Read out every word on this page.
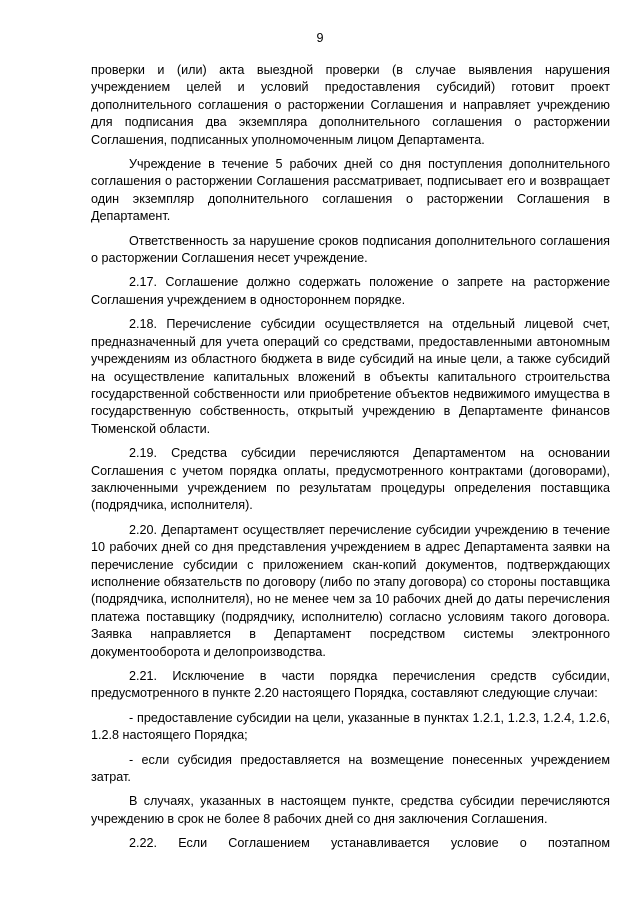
9

проверки и (или) акта выездной проверки (в случае выявления нарушения учреждением целей и условий предоставления субсидий) готовит проект дополнительного соглашения о расторжении Соглашения и направляет учреждению для подписания два экземпляра дополнительного соглашения о расторжении Соглашения, подписанных уполномоченным лицом Департамента.

Учреждение в течение 5 рабочих дней со дня поступления дополнительного соглашения о расторжении Соглашения рассматривает, подписывает его и возвращает один экземпляр дополнительного соглашения о расторжении Соглашения в Департамент.

Ответственность за нарушение сроков подписания дополнительного соглашения о расторжении Соглашения несет учреждение.

2.17. Соглашение должно содержать положение о запрете на расторжение Соглашения учреждением в одностороннем порядке.

2.18. Перечисление субсидии осуществляется на отдельный лицевой счет, предназначенный для учета операций со средствами, предоставленными автономным учреждениям из областного бюджета в виде субсидий на иные цели, а также субсидий на осуществление капитальных вложений в объекты капитального строительства государственной собственности или приобретение объектов недвижимого имущества в государственную собственность, открытый учреждению в Департаменте финансов Тюменской области.

2.19. Средства субсидии перечисляются Департаментом на основании Соглашения с учетом порядка оплаты, предусмотренного контрактами (договорами), заключенными учреждением по результатам процедуры определения поставщика (подрядчика, исполнителя).

2.20. Департамент осуществляет перечисление субсидии учреждению в течение 10 рабочих дней со дня представления учреждением в адрес Департамента заявки на перечисление субсидии с приложением скан-копий документов, подтверждающих исполнение обязательств по договору (либо по этапу договора) со стороны поставщика (подрядчика, исполнителя), но не менее чем за 10 рабочих дней до даты перечисления платежа поставщику (подрядчику, исполнителю) согласно условиям такого договора. Заявка направляется в Департамент посредством системы электронного документооборота и делопроизводства.

2.21. Исключение в части порядка перечисления средств субсидии, предусмотренного в пункте 2.20 настоящего Порядка, составляют следующие случаи:

- предоставление субсидии на цели, указанные в пунктах 1.2.1, 1.2.3, 1.2.4, 1.2.6, 1.2.8 настоящего Порядка;

- если субсидия предоставляется на возмещение понесенных учреждением затрат.

В случаях, указанных в настоящем пункте, средства субсидии перечисляются учреждению в срок не более 8 рабочих дней со дня заключения Соглашения.

2.22. Если Соглашением устанавливается условие о поэтапном
